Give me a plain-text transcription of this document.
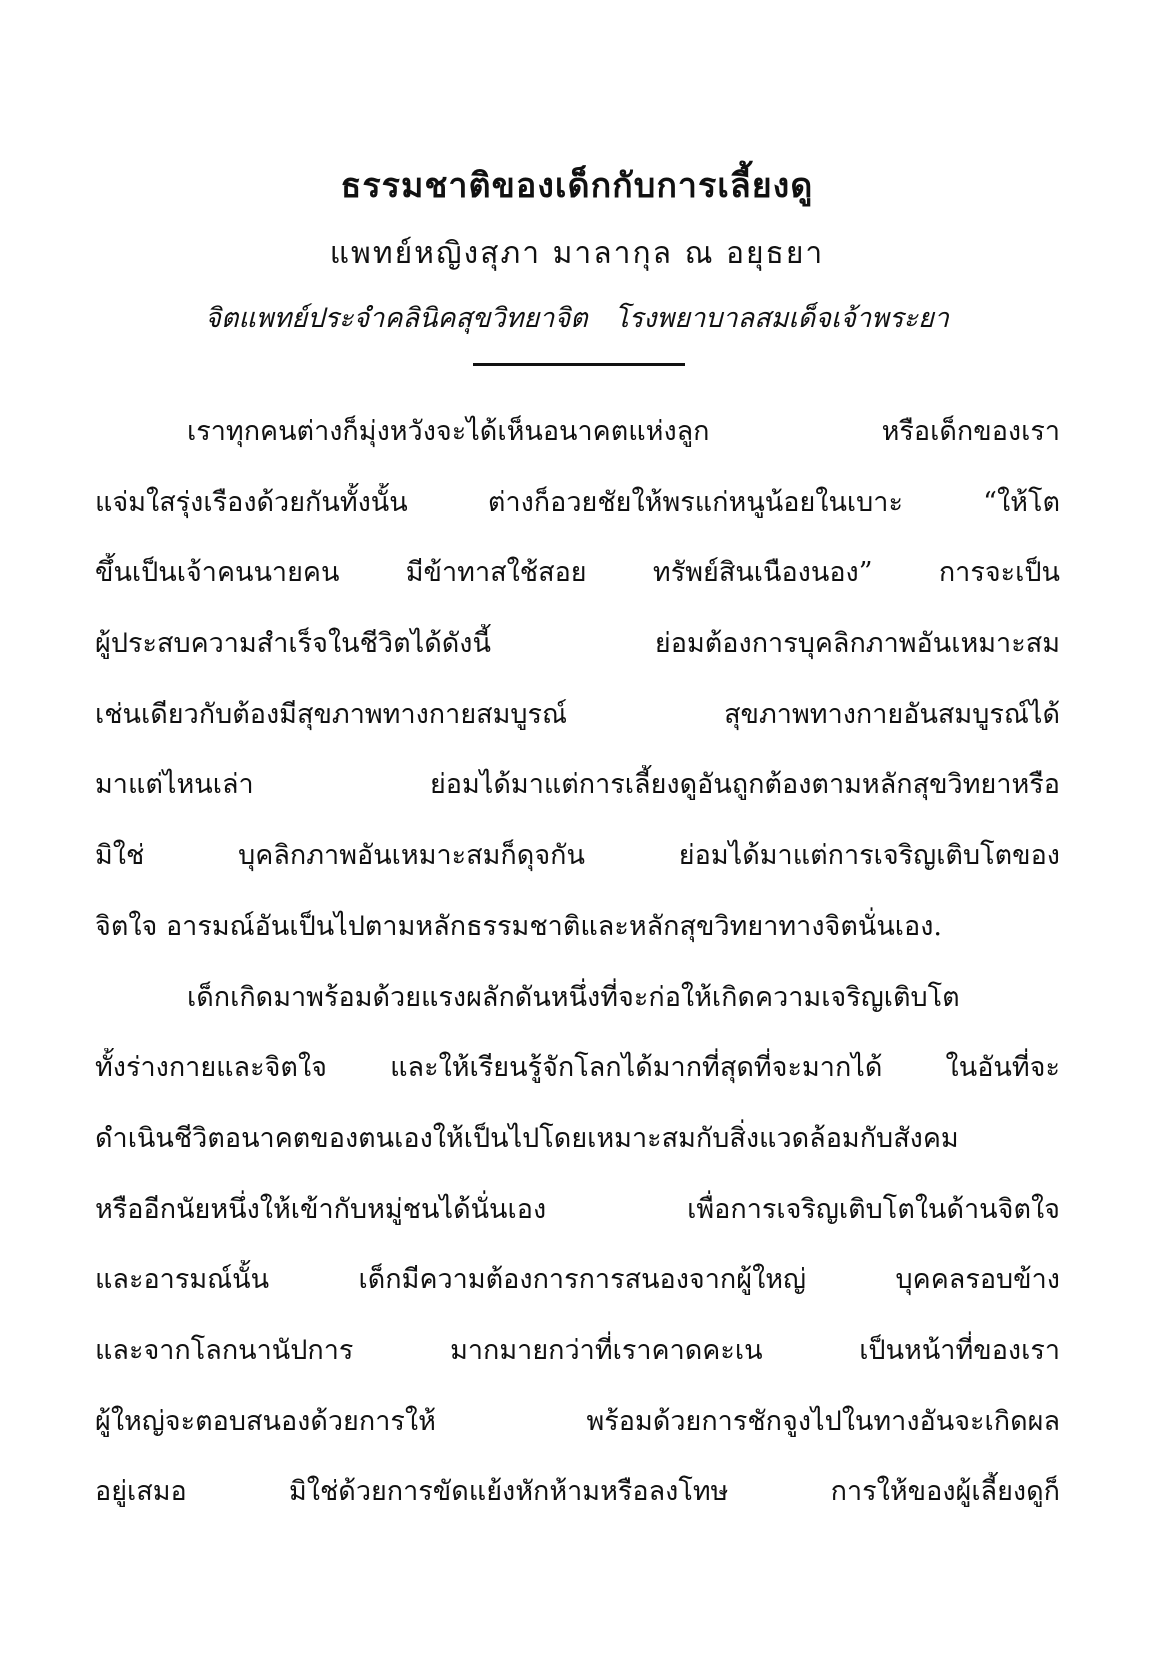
ธรรมชาติของเด็กกับการเลี้ยงดู
แพทย์หญิงสุภา มาลากุล ณ อยุธยา
จิตแพทย์ประจำคลินิคสุขวิทยาจิต โรงพยาบาลสมเด็จเจ้าพระยา
เราทุกคนต่างก็มุ่งหวังจะได้เห็นอนาคตแห่งลูก หรือเด็กของเรา
แจ่มใสรุ่งเรืองด้วยกันทั้งนั้น ต่างก็อวยชัยให้พรแก่หนูน้อยในเบาะ “ให้โต
ขึ้นเป็นเจ้าคนนายคน มีข้าทาสใช้สอย ทรัพย์สินเนืองนอง” การจะเป็น
ผู้ประสบความสำเร็จในชีวิตได้ดังนี้ ย่อมต้องการบุคลิกภาพอันเหมาะสม
เช่นเดียวกับต้องมีสุขภาพทางกายสมบูรณ์ สุขภาพทางกายอันสมบูรณ์ได้
มาแต่ไหนเล่า ย่อมได้มาแต่การเลี้ยงดูอันถูกต้องตามหลักสุขวิทยาหรือ
มิใช่ บุคลิกภาพอันเหมาะสมก็ดุจกัน ย่อมได้มาแต่การเจริญเติบโตของ
จิตใจ อารมณ์อันเป็นไปตามหลักธรรมชาติและหลักสุขวิทยาทางจิตนั่นเอง.
เด็กเกิดมาพร้อมด้วยแรงผลักดันหนึ่งที่จะก่อให้เกิดความเจริญเติบโต
ทั้งร่างกายและจิตใจ และให้เรียนรู้จักโลกได้มากที่สุดที่จะมากได้ ในอันที่จะ
ดำเนินชีวิตอนาคตของตนเองให้เป็นไปโดยเหมาะสมกับสิ่งแวดล้อมกับสังคม
หรืออีกนัยหนึ่งให้เข้ากับหมู่ชนได้นั่นเอง เพื่อการเจริญเติบโตในด้านจิตใจ
และอารมณ์นั้น เด็กมีความต้องการการสนองจากผู้ใหญ่ บุคคลรอบข้าง
และจากโลกนานัปการ มากมายกว่าที่เราคาดคะเน เป็นหน้าที่ของเรา
ผู้ใหญ่จะตอบสนองด้วยการให้ พร้อมด้วยการชักจูงไปในทางอันจะเกิดผล
อยู่เสมอ มิใช่ด้วยการขัดแย้งหักห้ามหรือลงโทษ การให้ของผู้เลี้ยงดูก็
